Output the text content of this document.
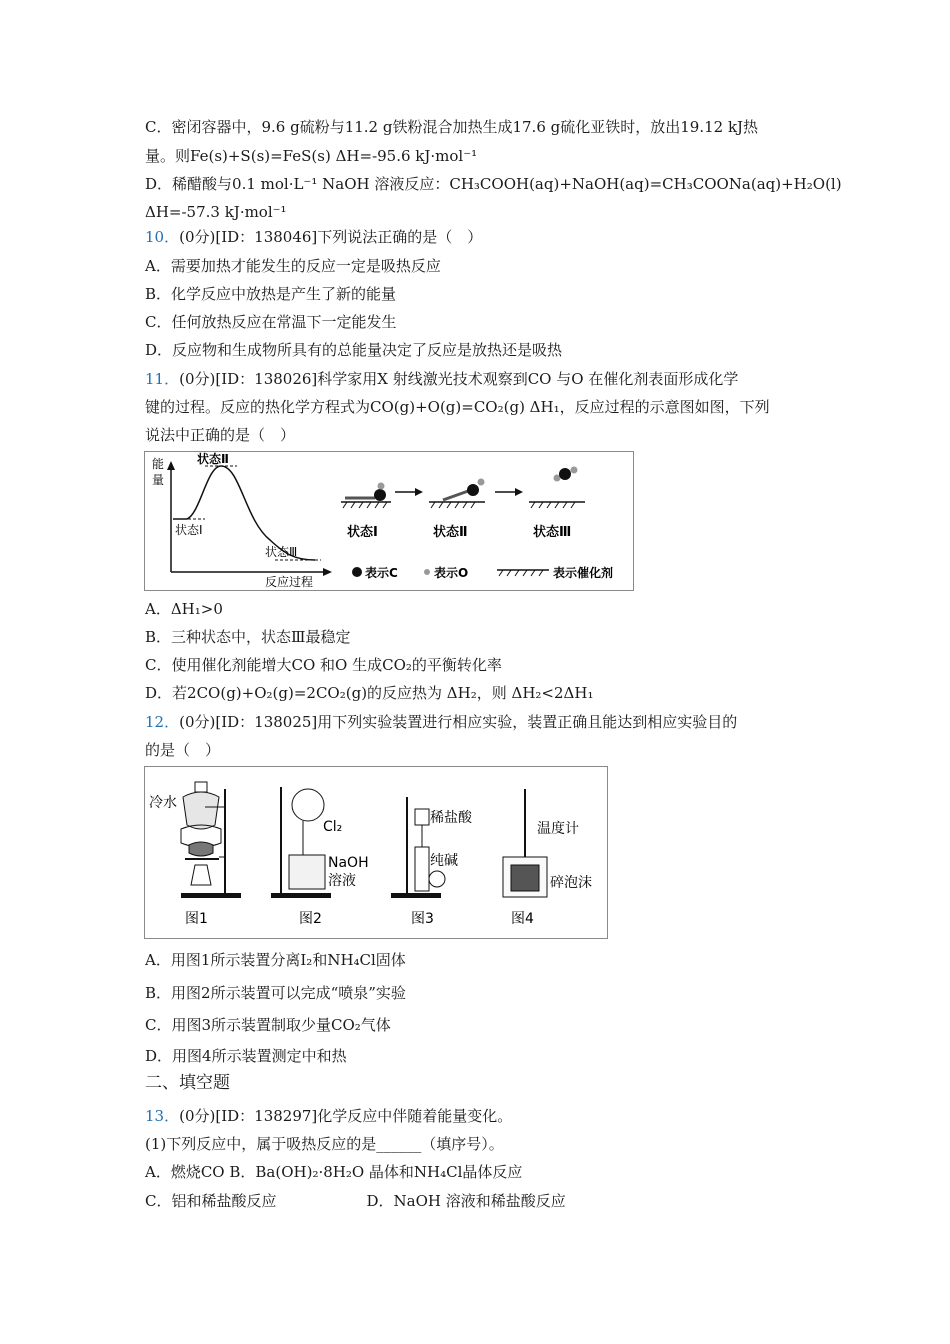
C．密闭容器中，9.6 g硫粉与11.2 g铁粉混合加热生成17.6 g硫化亚铁时，放出19.12 kJ热
量。则Fe(s)+S(s)=FeS(s) ΔH=-95.6 kJ·mol⁻¹
D．稀醋酸与0.1 mol·L⁻¹ NaOH 溶液反应：CH₃COOH(aq)+NaOH(aq)=CH₃COONa(aq)+H₂O(l)
ΔH=-57.3 kJ·mol⁻¹
10．(0分)[ID：138046]下列说法正确的是（　）
A．需要加热才能发生的反应一定是吸热反应
B．化学反应中放热是产生了新的能量
C．任何放热反应在常温下一定能发生
D．反应物和生成物所具有的总能量决定了反应是放热还是吸热
11．(0分)[ID：138026]科学家用X 射线激光技术观察到CO 与O 在催化剂表面形成化学
键的过程。反应的热化学方程式为CO(g)+O(g)=CO₂(g) ΔH₁，反应过程的示意图如图，下列
说法中正确的是（　）
能
量
反应过程
状态Ⅱ
状态Ⅰ
状态Ⅲ
状态Ⅰ	状态Ⅱ	状态Ⅲ
表示C	表示O	表示催化剂
A．ΔH₁>0
B．三种状态中，状态Ⅲ最稳定
C．使用催化剂能增大CO 和O 生成CO₂的平衡转化率
D．若2CO(g)+O₂(g)=2CO₂(g)的反应热为 ΔH₂，则 ΔH₂<2ΔH₁
12．(0分)[ID：138025]用下列实验装置进行相应实验，装置正确且能达到相应实验目的
的是（　）
冷水
图1
Cl₂
NaOH
溶液
图2
稀盐酸
纯碱
图3
温度计
碎泡沫
图4
A．用图1所示装置分离I₂和NH₄Cl固体
B．用图2所示装置可以完成“喷泉”实验
C．用图3所示装置制取少量CO₂气体
D．用图4所示装置测定中和热
二、填空题
13．(0分)[ID：138297]化学反应中伴随着能量变化。
(1)下列反应中，属于吸热反应的是______（填序号）。
A．燃烧CO B．Ba(OH)₂·8H₂O 晶体和NH₄Cl晶体反应
C．铝和稀盐酸反应　　　　　　D．NaOH 溶液和稀盐酸反应
